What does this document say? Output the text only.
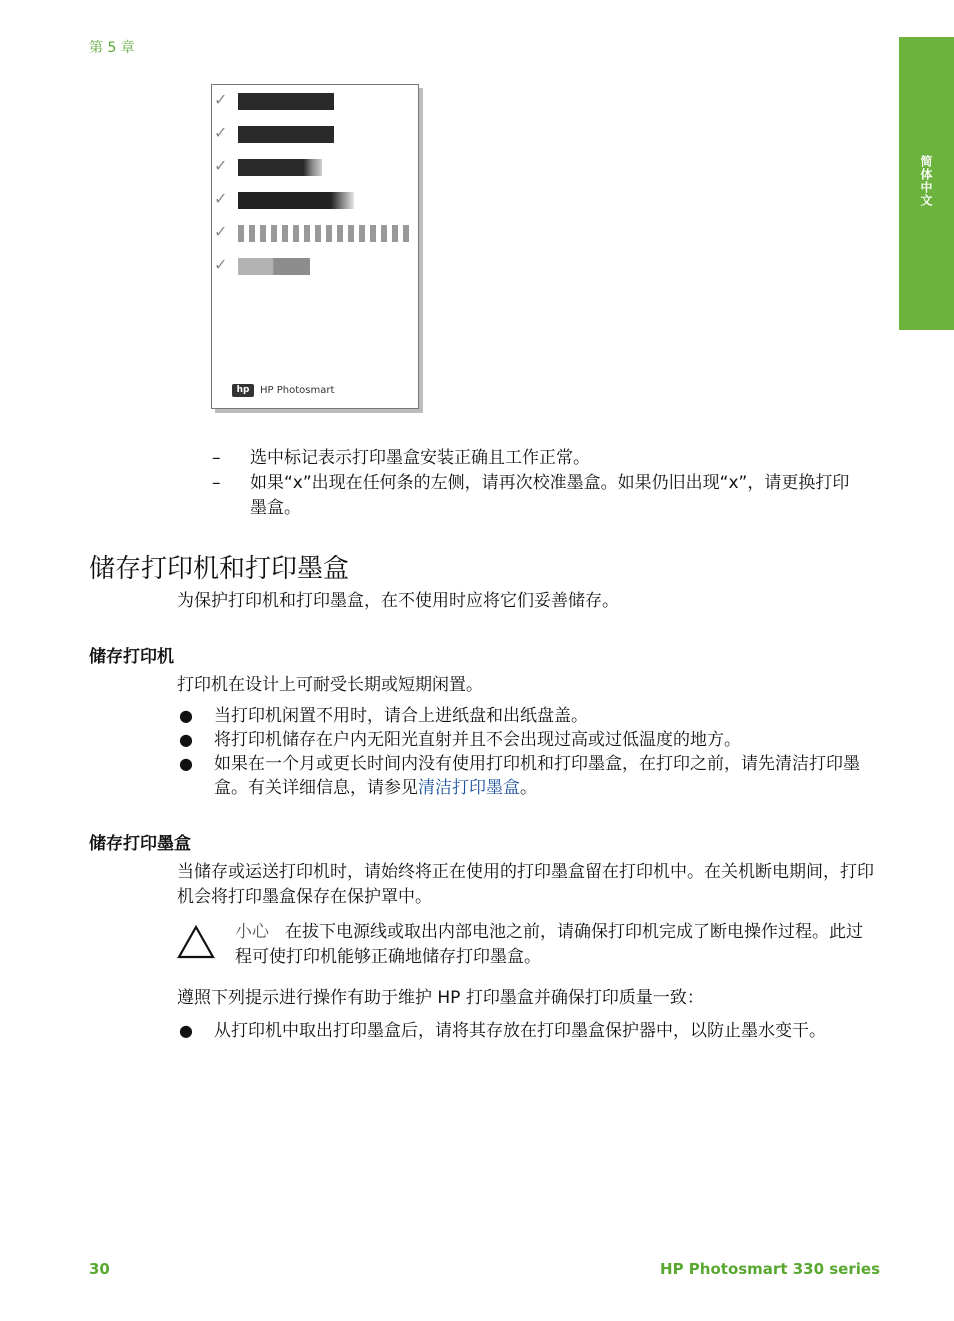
第 5 章
简体中文
✓
✓
✓
✓
✓
✓
hp	HP Photosmart
– 选中标记表示打印墨盒安装正确且工作正常。
– 如果“x”出现在任何条的左侧，请再次校准墨盒。如果仍旧出现“x”，请更换打印墨盒。
储存打印机和打印墨盒

为保护打印机和打印墨盒，在不使用时应将它们妥善储存。

储存打印机

打印机在设计上可耐受长期或短期闲置。

● 当打印机闲置不用时，请合上进纸盘和出纸盘盖。
● 将打印机储存在户内无阳光直射并且不会出现过高或过低温度的地方。
● 如果在一个月或更长时间内没有使用打印机和打印墨盒，在打印之前，请先清洁打印墨盒。有关详细信息，请参见清洁打印墨盒。
储存打印墨盒

当储存或运送打印机时，请始终将正在使用的打印墨盒留在打印机中。在关机断电期间，打印机会将打印墨盒保存在保护罩中。

小心 在拔下电源线或取出内部电池之前，请确保打印机完成了断电操作过程。此过程可使打印机能够正确地储存打印墨盒。

遵照下列提示进行操作有助于维护 HP 打印墨盒并确保打印质量一致：

● 从打印机中取出打印墨盒后，请将其存放在打印墨盒保护器中，以防止墨水变干。
30	HP Photosmart 330 series
